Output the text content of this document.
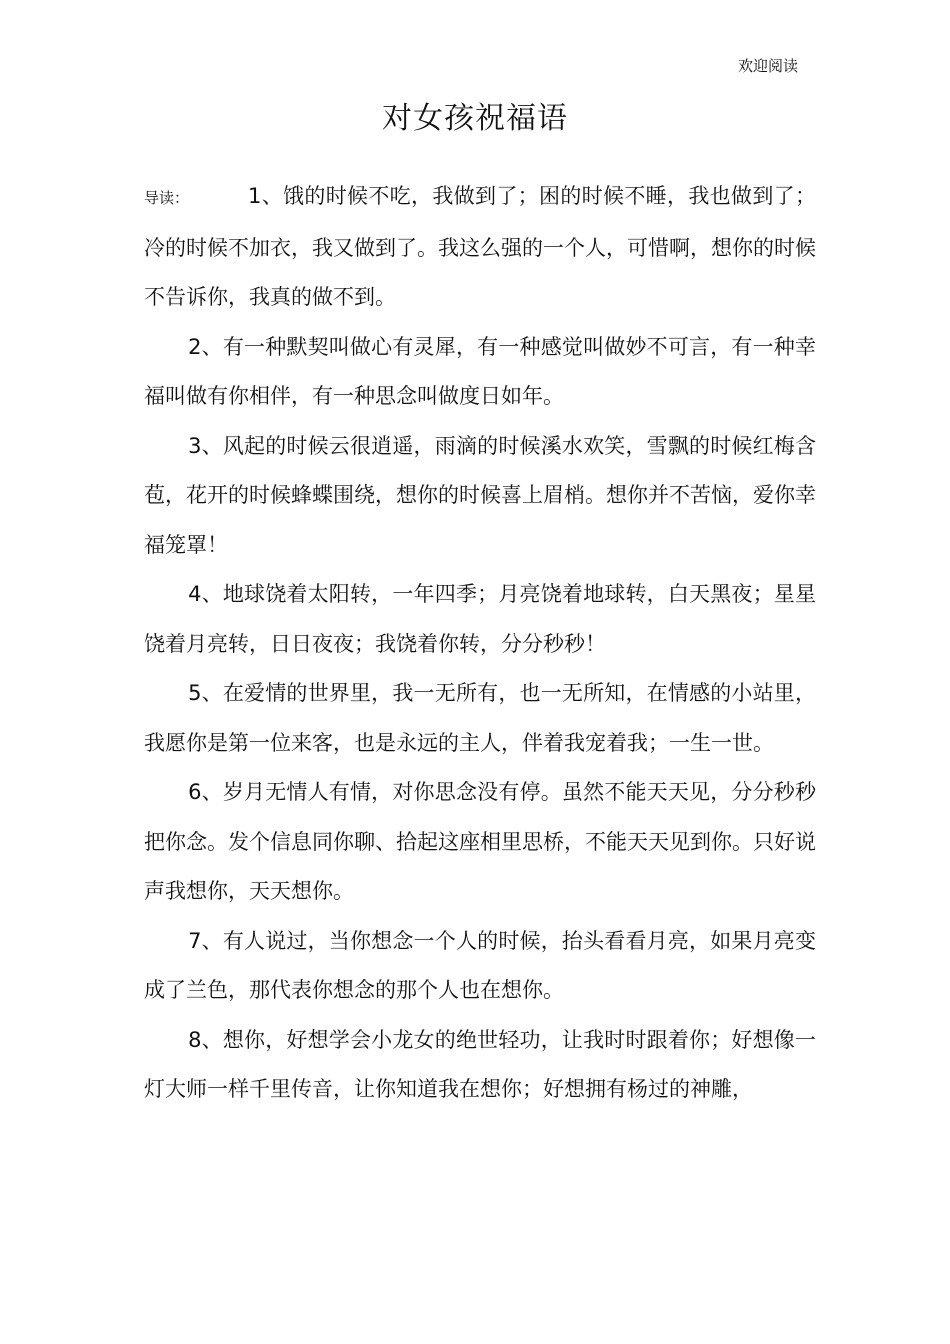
欢迎阅读
对女孩祝福语

导读：	1、饿的时候不吃，我做到了；困的时候不睡，我也做到了；冷的时候不加衣，我又做到了。我这么强的一个人，可惜啊，想你的时候不告诉你，我真的做不到。

2、有一种默契叫做心有灵犀，有一种感觉叫做妙不可言，有一种幸福叫做有你相伴，有一种思念叫做度日如年。

3、风起的时候云很逍遥，雨滴的时候溪水欢笑，雪飘的时候红梅含苞，花开的时候蜂蝶围绕，想你的时候喜上眉梢。想你并不苦恼，爱你幸福笼罩！

4、地球饶着太阳转，一年四季；月亮饶着地球转，白天黑夜；星星饶着月亮转，日日夜夜；我饶着你转，分分秒秒！

5、在爱情的世界里，我一无所有，也一无所知，在情感的小站里，我愿你是第一位来客，也是永远的主人，伴着我宠着我；一生一世。

6、岁月无情人有情，对你思念没有停。虽然不能天天见，分分秒秒把你念。发个信息同你聊、拾起这座相里思桥，不能天天见到你。只好说声我想你，天天想你。

7、有人说过，当你想念一个人的时候，抬头看看月亮，如果月亮变成了兰色，那代表你想念的那个人也在想你。

8、想你，好想学会小龙女的绝世轻功，让我时时跟着你；好想像一灯大师一样千里传音，让你知道我在想你；好想拥有杨过的神雕，
